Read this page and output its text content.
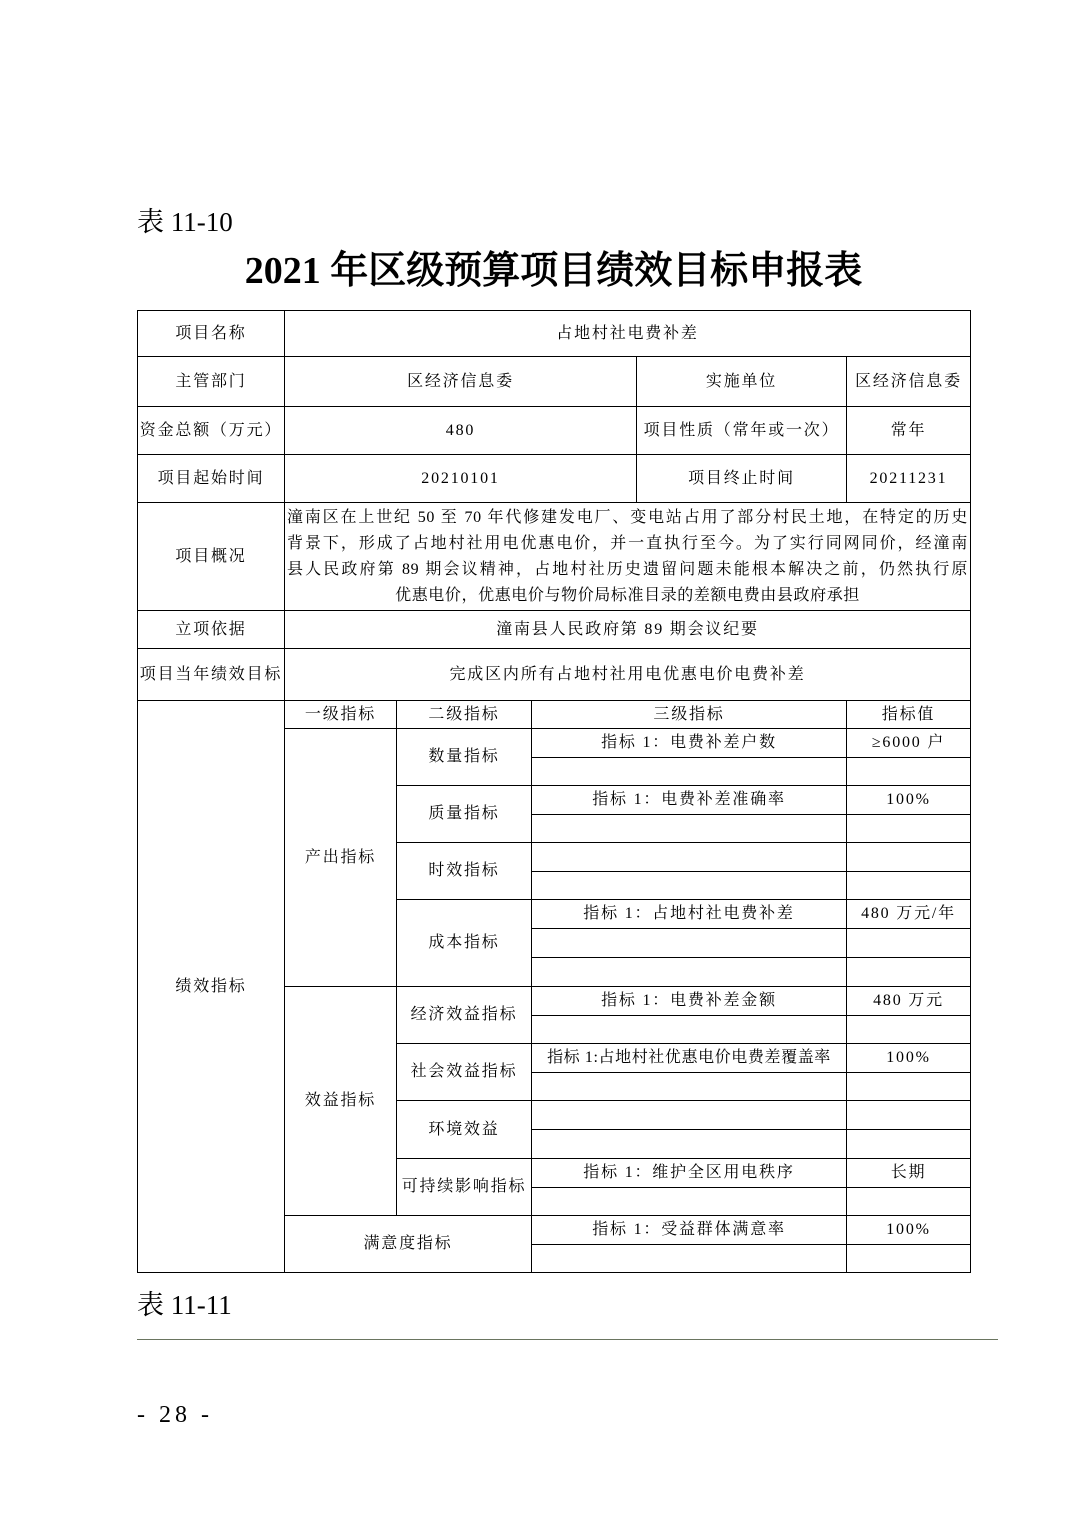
表 11-10
2021 年区级预算项目绩效目标申报表
项目名称	占地村社电费补差				
主管部门	区经济信息委			实施单位	区经济信息委
资金总额（万元）	480			项目性质（常年或一次）	常年
项目起始时间	20210101			项目终止时间	20211231
项目概况	潼南区在上世纪 50 至 70 年代修建发电厂、变电站占用了部分村民土地，在特定的历史
背景下，形成了占地村社用电优惠电价，并一直执行至今。为了实行同网同价，经潼南
县人民政府第 89 期会议精神，占地村社历史遗留问题未能根本解决之前，仍然执行原
优惠电价，优惠电价与物价局标准目录的差额电费由县政府承担				

立项依据	潼南县人民政府第 89 期会议纪要				
项目当年绩效目标	完成区内所有占地村社用电优惠电价电费补差				
绩效指标	一级指标	二级指标	三级指标		指标值
	产出指标	数量指标	指标 1：电费补差户数		≥6000 户

		质量指标	指标 1：电费补差准确率		100%

		时效指标			

		成本指标	指标 1：占地村社电费补差		480 万元/年

	效益指标	经济效益指标	指标 1：电费补差金额		480 万元

		社会效益指标	指标 1:占地村社优惠电价电费差覆盖率		100%

		环境效益			

		可持续影响指标	指标 1：维护全区用电秩序		长期

	满意度指标		指标 1：受益群体满意率		100%

表 11-11
- 28 -
